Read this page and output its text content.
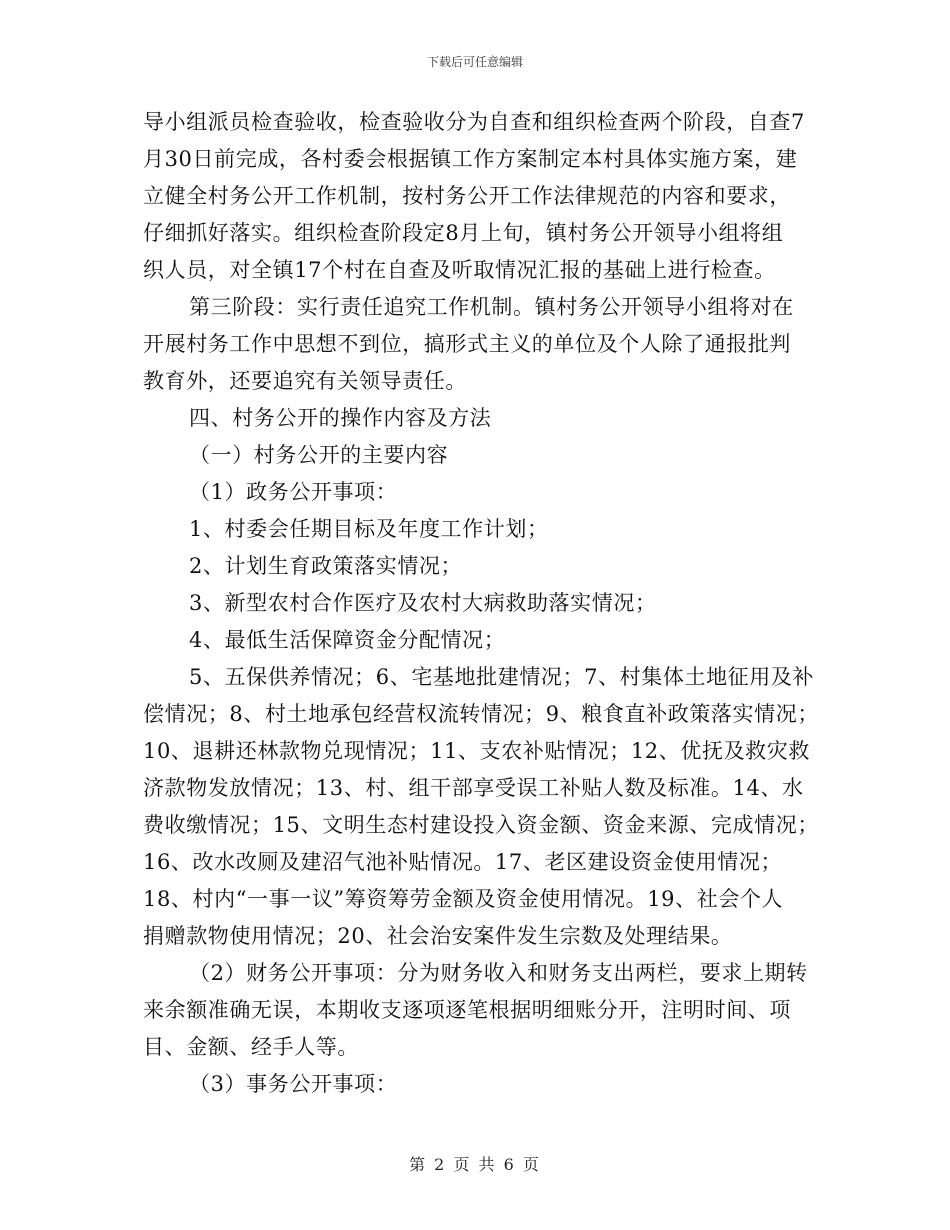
下载后可任意编辑
导小组派员检查验收，检查验收分为自查和组织检查两个阶段，自查7
月30日前完成，各村委会根据镇工作方案制定本村具体实施方案，建
立健全村务公开工作机制，按村务公开工作法律规范的内容和要求，
仔细抓好落实。组织检查阶段定8月上旬，镇村务公开领导小组将组
织人员，对全镇17个村在自查及听取情况汇报的基础上进行检查。
第三阶段：实行责任追究工作机制。镇村务公开领导小组将对在
开展村务工作中思想不到位，搞形式主义的单位及个人除了通报批判
教育外，还要追究有关领导责任。
四、村务公开的操作内容及方法
（一）村务公开的主要内容
（1）政务公开事项：
1、村委会任期目标及年度工作计划；
2、计划生育政策落实情况；
3、新型农村合作医疗及农村大病救助落实情况；
4、最低生活保障资金分配情况；
5、五保供养情况；6、宅基地批建情况；7、村集体土地征用及补
偿情况；8、村土地承包经营权流转情况；9、粮食直补政策落实情况；
10、退耕还林款物兑现情况；11、支农补贴情况；12、优抚及救灾救
济款物发放情况；13、村、组干部享受误工补贴人数及标准。14、水
费收缴情况；15、文明生态村建设投入资金额、资金来源、完成情况；
16、改水改厕及建沼气池补贴情况。17、老区建设资金使用情况；
18、村内“一事一议”筹资筹劳金额及资金使用情况。19、社会个人
捐赠款物使用情况；20、社会治安案件发生宗数及处理结果。
（2）财务公开事项：分为财务收入和财务支出两栏，要求上期转
来余额准确无误，本期收支逐项逐笔根据明细账分开，注明时间、项
目、金额、经手人等。
（3）事务公开事项：
第 2 页 共 6 页
